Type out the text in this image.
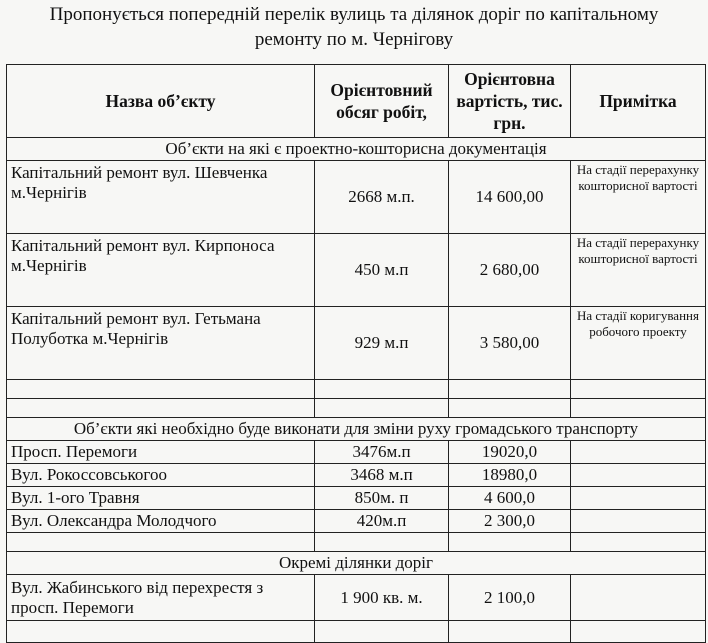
Пропонується попередній перелік вулиць та ділянок доріг по капітальному
ремонту по м. Чернігову
Назва об’єкту	Орієнтовний обсяг робіт,	Орієнтовна вартість, тис. грн.	Примітка
Об’єкти на які є проектно-кошторисна документація			
Капітальний ремонт вул. Шевченка м.Чернігів	2668 м.п.	14 600,00	На стадії перерахунку кошторисної вартості
Капітальний ремонт вул. Кирпоноса м.Чернігів	450 м.п	2 680,00	На стадії перерахунку кошторисної вартості
Капітальний ремонт вул. Гетьмана Полуботка м.Чернігів	929 м.п	3 580,00	На стадії коригування робочого проекту

Об’єкти які необхідно буде виконати для зміни руху громадського транспорту			
Просп. Перемоги	3476м.п	19020,0	
Вул. Рокоссовськогоо	3468 м.п	18980,0	
Вул. 1-ого Травня	850м. п	4 600,0	
Вул. Олександра Молодчого	420м.п	2 300,0	

Окремі ділянки доріг			
Вул. Жабинського від перехрестя з просп. Перемоги	1 900 кв. м.	2 100,0	
